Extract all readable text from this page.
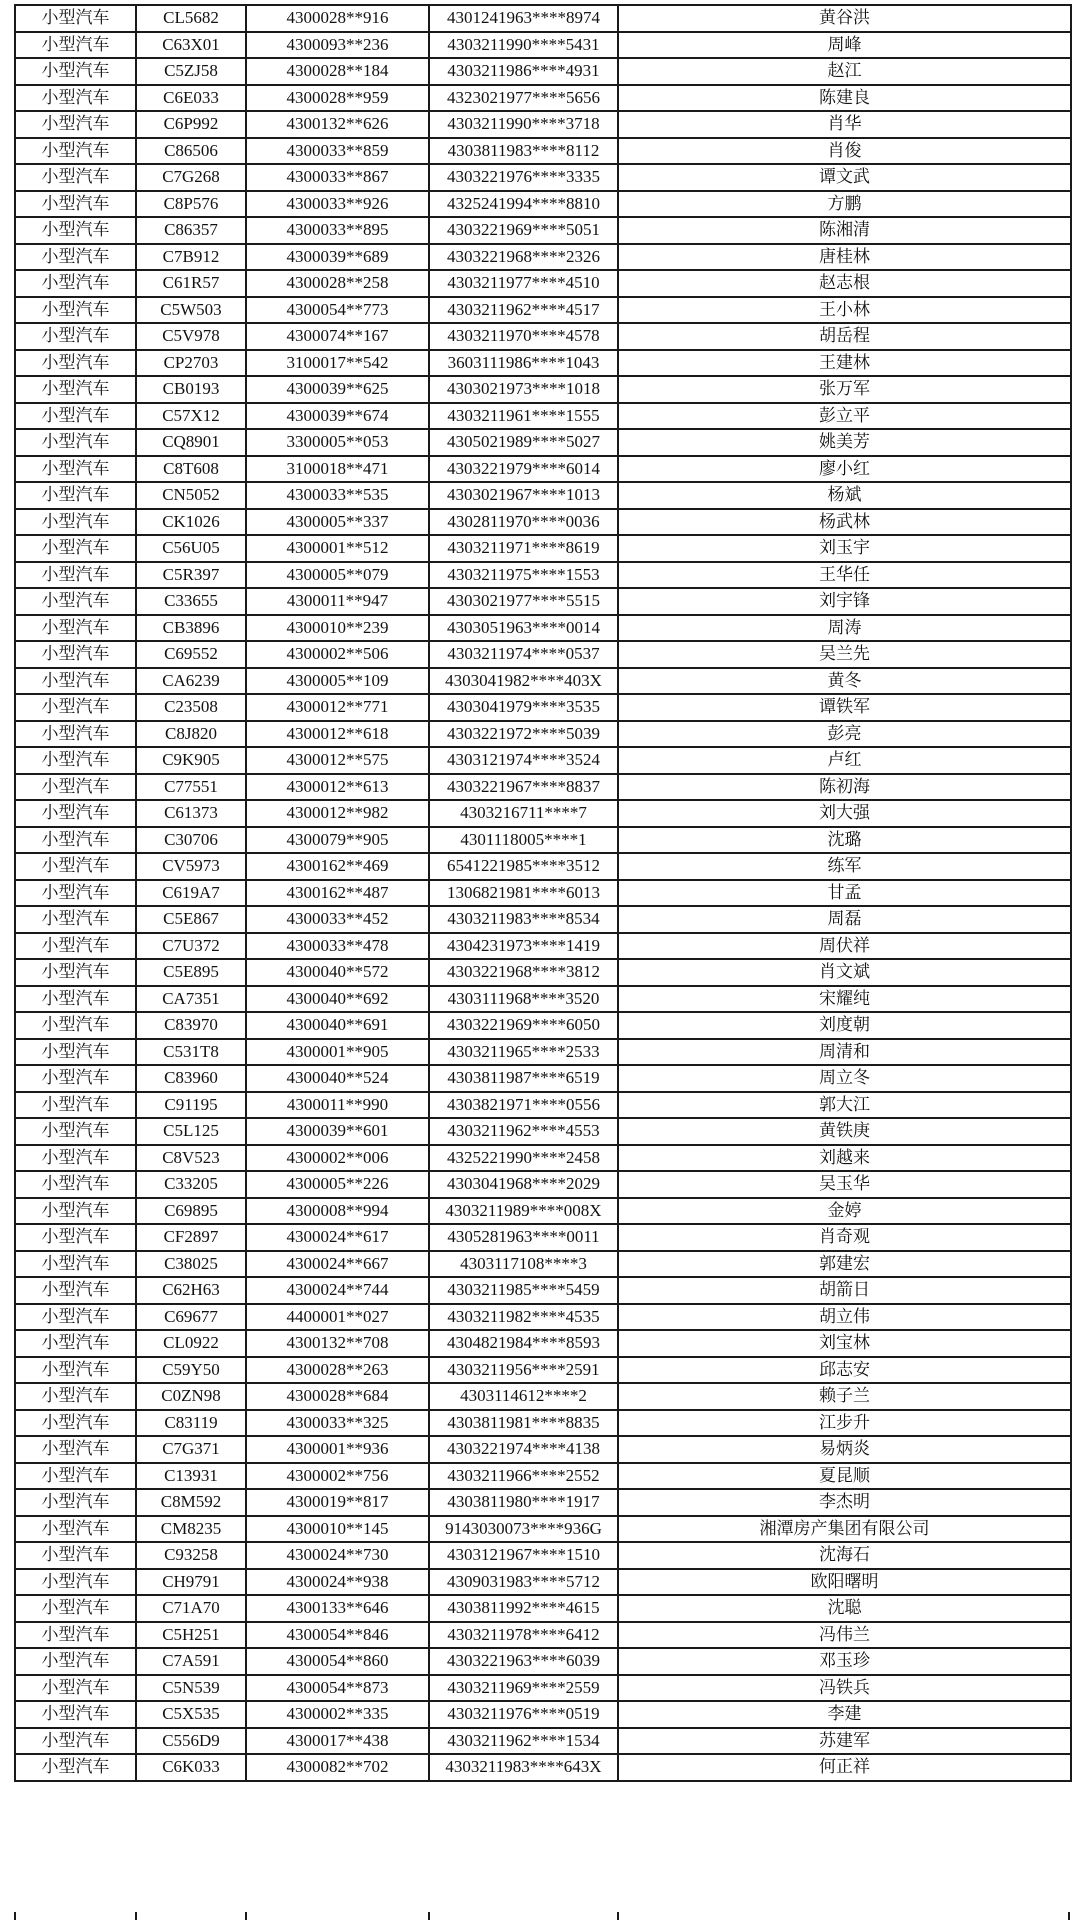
小型汽车	CL5682	4300028**916	4301241963****8974	黄谷洪
小型汽车	C63X01	4300093**236	4303211990****5431	周峰
小型汽车	C5ZJ58	4300028**184	4303211986****4931	赵江
小型汽车	C6E033	4300028**959	4323021977****5656	陈建良
小型汽车	C6P992	4300132**626	4303211990****3718	肖华
小型汽车	C86506	4300033**859	4303811983****8112	肖俊
小型汽车	C7G268	4300033**867	4303221976****3335	谭文武
小型汽车	C8P576	4300033**926	4325241994****8810	方鹏
小型汽车	C86357	4300033**895	4303221969****5051	陈湘清
小型汽车	C7B912	4300039**689	4303221968****2326	唐桂林
小型汽车	C61R57	4300028**258	4303211977****4510	赵志根
小型汽车	C5W503	4300054**773	4303211962****4517	王小林
小型汽车	C5V978	4300074**167	4303211970****4578	胡岳程
小型汽车	CP2703	3100017**542	3603111986****1043	王建林
小型汽车	CB0193	4300039**625	4303021973****1018	张万军
小型汽车	C57X12	4300039**674	4303211961****1555	彭立平
小型汽车	CQ8901	3300005**053	4305021989****5027	姚美芳
小型汽车	C8T608	3100018**471	4303221979****6014	廖小红
小型汽车	CN5052	4300033**535	4303021967****1013	杨斌
小型汽车	CK1026	4300005**337	4302811970****0036	杨武林
小型汽车	C56U05	4300001**512	4303211971****8619	刘玉宇
小型汽车	C5R397	4300005**079	4303211975****1553	王华任
小型汽车	C33655	4300011**947	4303021977****5515	刘宇锋
小型汽车	CB3896	4300010**239	4303051963****0014	周涛
小型汽车	C69552	4300002**506	4303211974****0537	吴兰先
小型汽车	CA6239	4300005**109	4303041982****403X	黄冬
小型汽车	C23508	4300012**771	4303041979****3535	谭铁军
小型汽车	C8J820	4300012**618	4303221972****5039	彭亮
小型汽车	C9K905	4300012**575	4303121974****3524	卢红
小型汽车	C77551	4300012**613	4303221967****8837	陈初海
小型汽车	C61373	4300012**982	4303216711****7	刘大强
小型汽车	C30706	4300079**905	4301118005****1	沈璐
小型汽车	CV5973	4300162**469	6541221985****3512	练军
小型汽车	C619A7	4300162**487	1306821981****6013	甘孟
小型汽车	C5E867	4300033**452	4303211983****8534	周磊
小型汽车	C7U372	4300033**478	4304231973****1419	周伏祥
小型汽车	C5E895	4300040**572	4303221968****3812	肖文斌
小型汽车	CA7351	4300040**692	4303111968****3520	宋耀纯
小型汽车	C83970	4300040**691	4303221969****6050	刘度朝
小型汽车	C531T8	4300001**905	4303211965****2533	周清和
小型汽车	C83960	4300040**524	4303811987****6519	周立冬
小型汽车	C91195	4300011**990	4303821971****0556	郭大江
小型汽车	C5L125	4300039**601	4303211962****4553	黄铁庚
小型汽车	C8V523	4300002**006	4325221990****2458	刘越来
小型汽车	C33205	4300005**226	4303041968****2029	吴玉华
小型汽车	C69895	4300008**994	4303211989****008X	金婷
小型汽车	CF2897	4300024**617	4305281963****0011	肖奇观
小型汽车	C38025	4300024**667	4303117108****3	郭建宏
小型汽车	C62H63	4300024**744	4303211985****5459	胡箭日
小型汽车	C69677	4400001**027	4303211982****4535	胡立伟
小型汽车	CL0922	4300132**708	4304821984****8593	刘宝林
小型汽车	C59Y50	4300028**263	4303211956****2591	邱志安
小型汽车	C0ZN98	4300028**684	4303114612****2	赖子兰
小型汽车	C83119	4300033**325	4303811981****8835	江步升
小型汽车	C7G371	4300001**936	4303221974****4138	易炳炎
小型汽车	C13931	4300002**756	4303211966****2552	夏昆顺
小型汽车	C8M592	4300019**817	4303811980****1917	李杰明
小型汽车	CM8235	4300010**145	9143030073****936G	湘潭房产集团有限公司
小型汽车	C93258	4300024**730	4303121967****1510	沈海石
小型汽车	CH9791	4300024**938	4309031983****5712	欧阳曙明
小型汽车	C71A70	4300133**646	4303811992****4615	沈聪
小型汽车	C5H251	4300054**846	4303211978****6412	冯伟兰
小型汽车	C7A591	4300054**860	4303221963****6039	邓玉珍
小型汽车	C5N539	4300054**873	4303211969****2559	冯铁兵
小型汽车	C5X535	4300002**335	4303211976****0519	李建
小型汽车	C556D9	4300017**438	4303211962****1534	苏建军
小型汽车	C6K033	4300082**702	4303211983****643X	何正祥
